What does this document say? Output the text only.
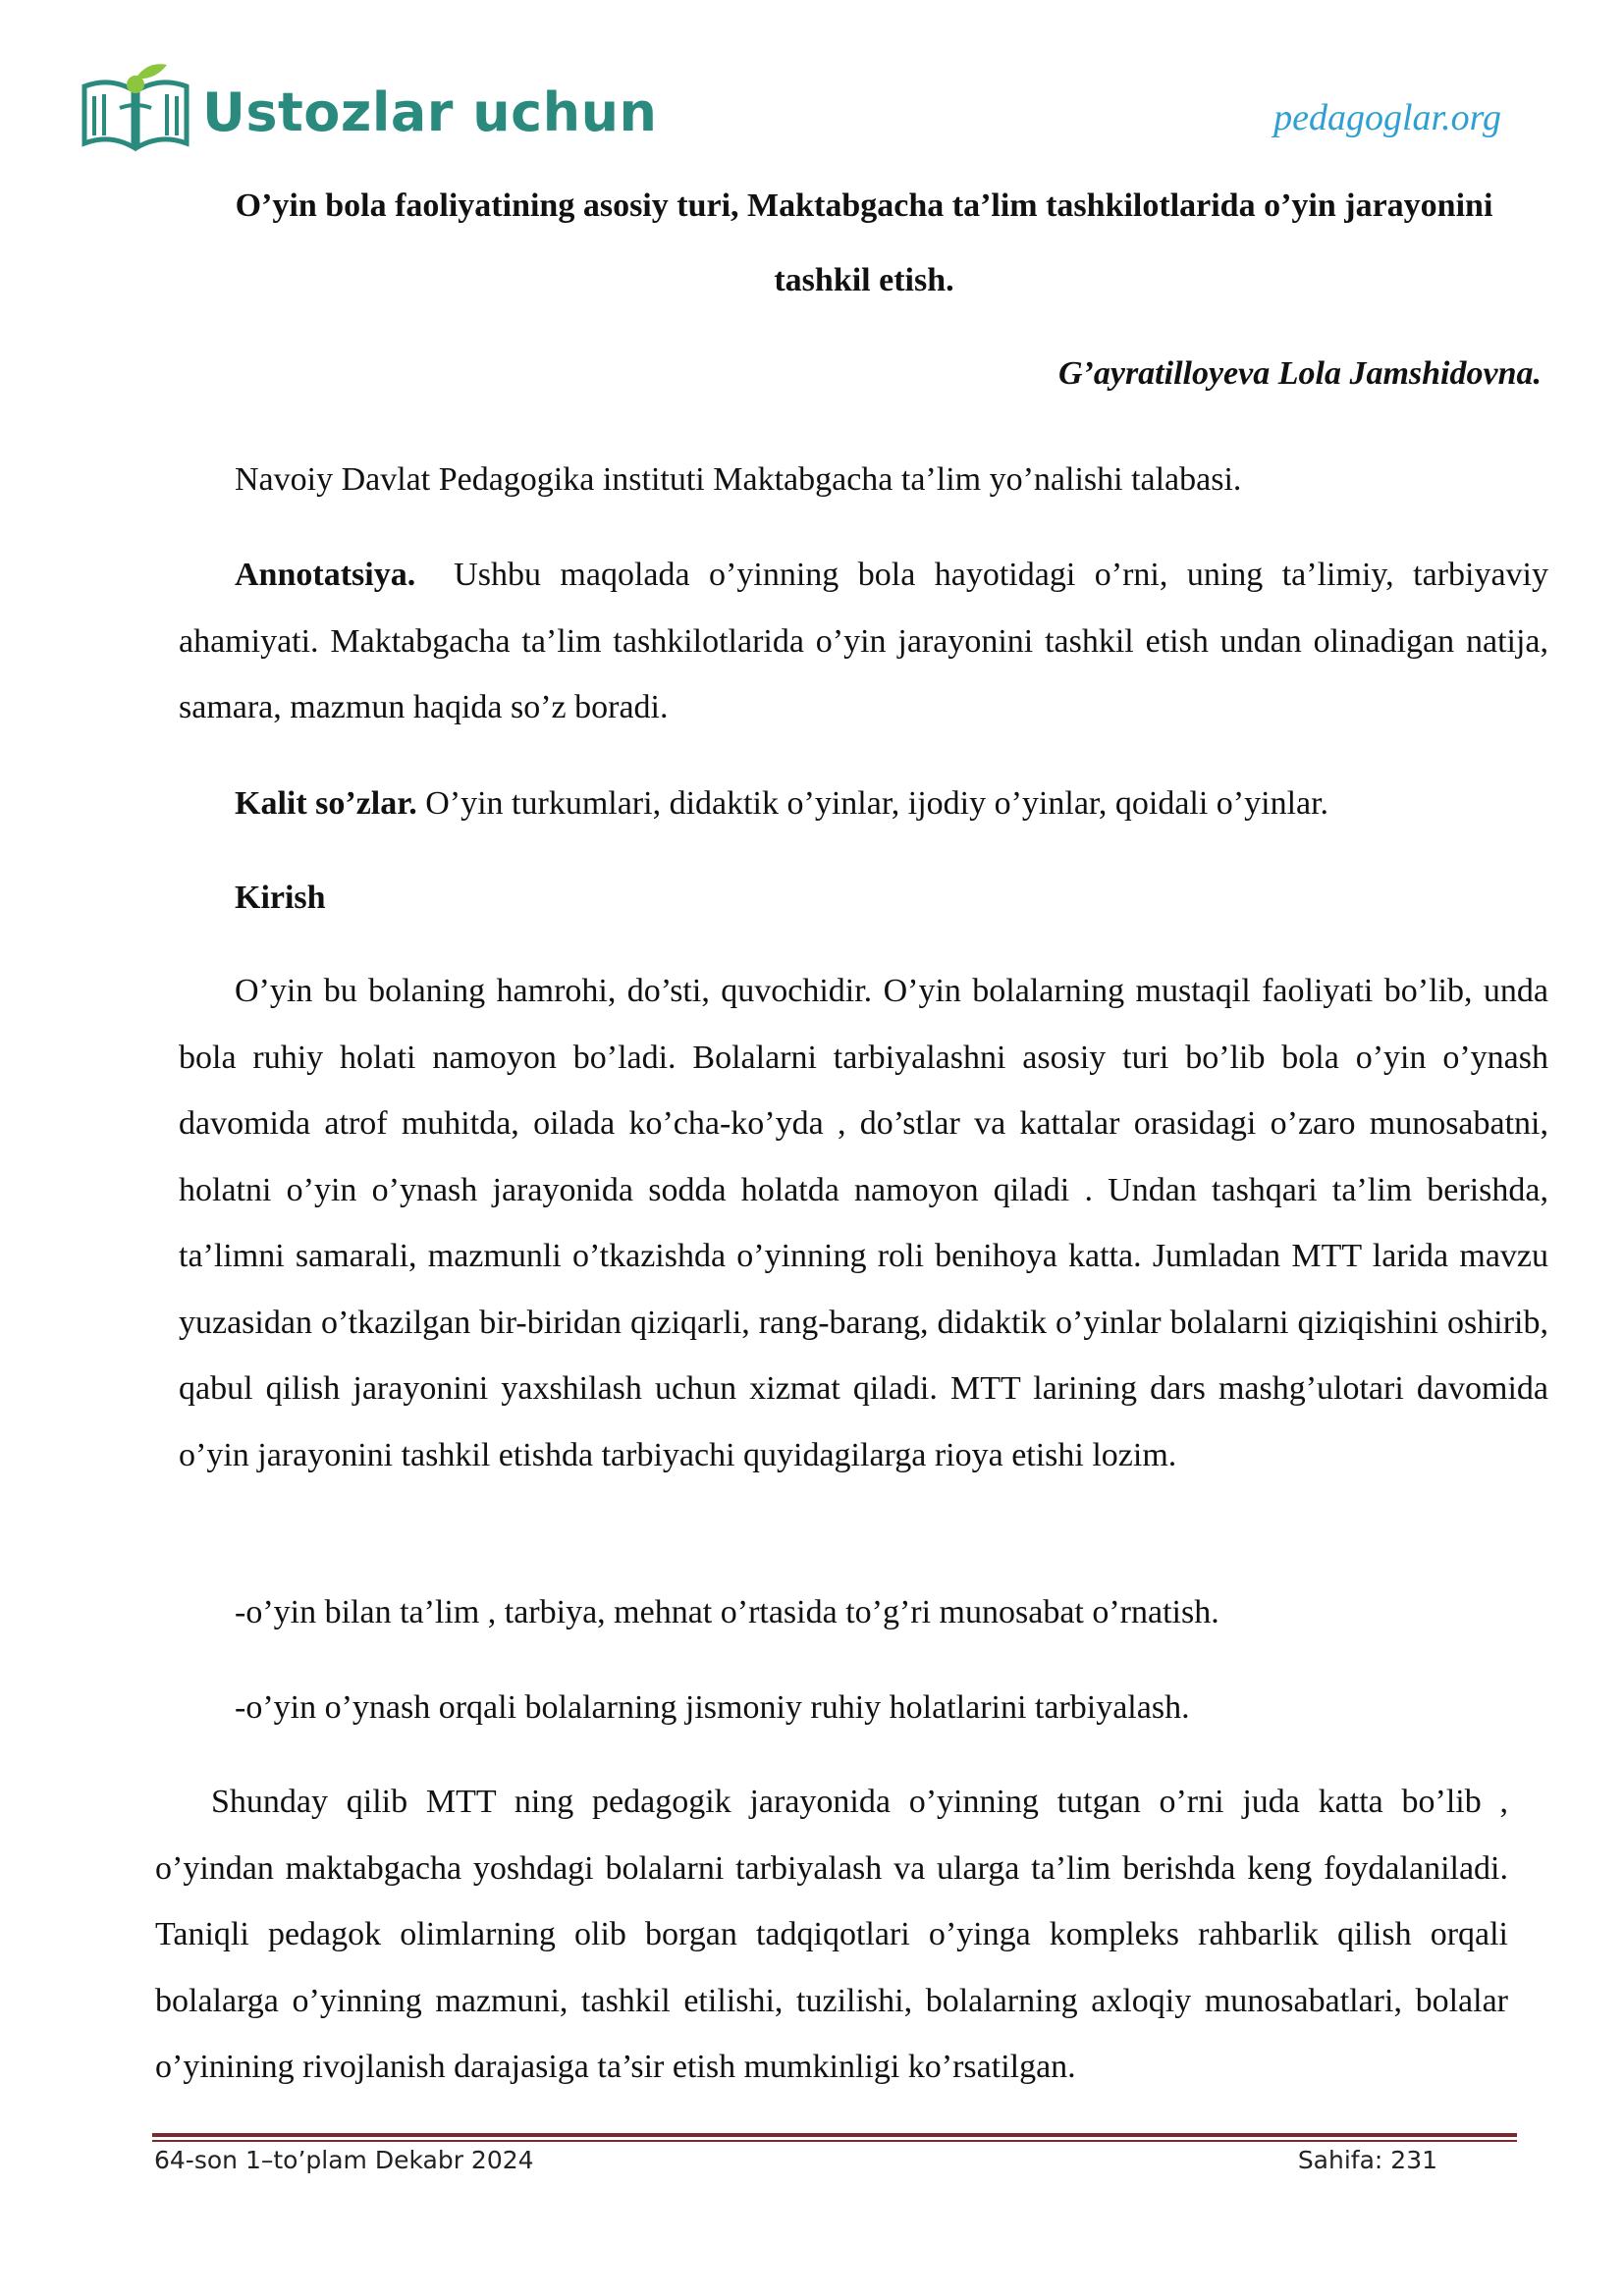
Ustozlar uchun	pedagoglar.org
O’yin bola faoliyatining asosiy turi, Maktabgacha ta’lim tashkilotlarida o’yin jarayonini tashkil etish.
G’ayratilloyeva Lola Jamshidovna.
Navoiy Davlat Pedagogika instituti Maktabgacha ta’lim yo’nalishi talabasi.
Annotatsiya. Ushbu maqolada o’yinning bola hayotidagi o’rni, uning ta’limiy, tarbiyaviy ahamiyati. Maktabgacha ta’lim tashkilotlarida o’yin jarayonini tashkil etish undan olinadigan natija, samara, mazmun haqida so’z boradi.
Kalit so’zlar. O’yin turkumlari, didaktik o’yinlar, ijodiy o’yinlar, qoidali o’yinlar.
Kirish
O’yin bu bolaning hamrohi, do’sti, quvochidir. O’yin bolalarning mustaqil faoliyati bo’lib, unda bola ruhiy holati namoyon bo’ladi. Bolalarni tarbiyalashni asosiy turi bo’lib bola o’yin o’ynash davomida atrof muhitda, oilada ko’cha-ko’yda , do’stlar va kattalar orasidagi o’zaro munosabatni, holatni o’yin o’ynash jarayonida sodda holatda namoyon qiladi . Undan tashqari ta’lim berishda, ta’limni samarali, mazmunli o’tkazishda o’yinning roli benihoya katta. Jumladan MTT larida mavzu yuzasidan o’tkazilgan bir-biridan qiziqarli, rang-barang, didaktik o’yinlar bolalarni qiziqishini oshirib, qabul qilish jarayonini yaxshilash uchun xizmat qiladi. MTT larining dars mashg’ulotari davomida o’yin jarayonini tashkil etishda tarbiyachi quyidagilarga rioya etishi lozim.
-o’yin bilan ta’lim , tarbiya, mehnat o’rtasida to’g’ri munosabat o’rnatish.
-o’yin o’ynash orqali bolalarning jismoniy ruhiy holatlarini tarbiyalash.
Shunday qilib MTT ning pedagogik jarayonida o’yinning tutgan o’rni juda katta bo’lib , o’yindan maktabgacha yoshdagi bolalarni tarbiyalash va ularga ta’lim berishda keng foydalaniladi. Taniqli pedagok olimlarning olib borgan tadqiqotlari o’yinga kompleks rahbarlik qilish orqali bolalarga o’yinning mazmuni, tashkil etilishi, tuzilishi, bolalarning axloqiy munosabatlari, bolalar o’yinining rivojlanish darajasiga ta’sir etish mumkinligi ko’rsatilgan.
64-son 1–to’plam Dekabr 2024	Sahifa: 231
